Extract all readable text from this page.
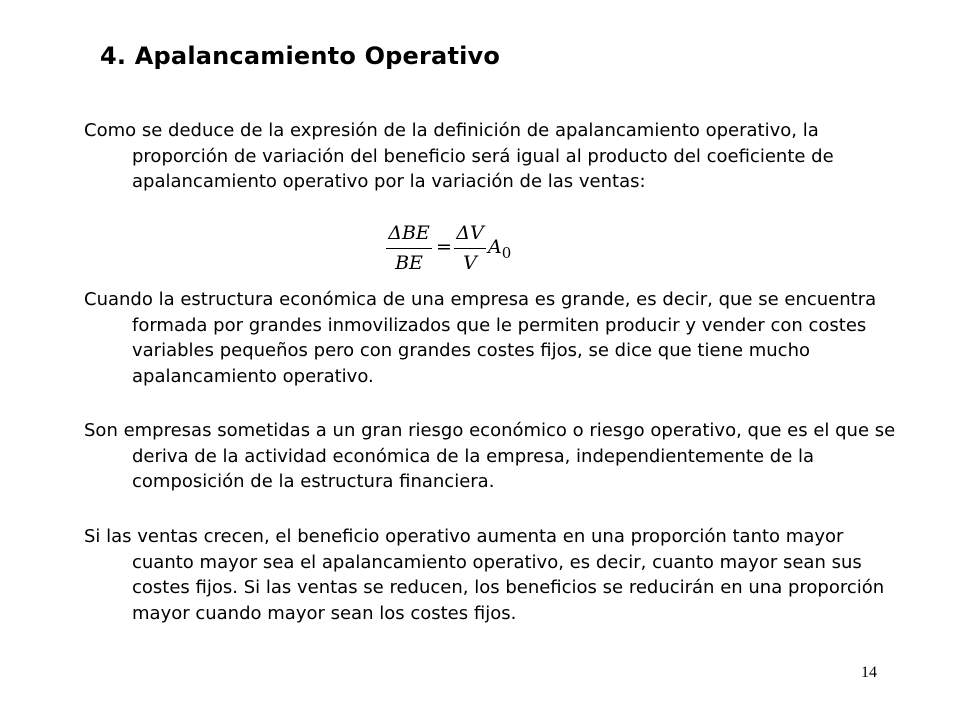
4. Apalancamiento Operativo

Como se deduce de la expresión de la definición de apalancamiento operativo, la proporción de variación del beneficio será igual al producto del coeficiente de apalancamiento operativo por la variación de las ventas:

ΔBE
BE
=
ΔV
V
$A_0$

Cuando la estructura económica de una empresa es grande, es decir, que se encuentra formada por grandes inmovilizados que le permiten producir y vender con costes variables pequeños pero con grandes costes fijos, se dice que tiene mucho apalancamiento operativo.

Son empresas sometidas a un gran riesgo económico o riesgo operativo, que es el que se deriva de la actividad económica de la empresa, independientemente de la composición de la estructura financiera.

Si las ventas crecen, el beneficio operativo aumenta en una proporción tanto mayor cuanto mayor sea el apalancamiento operativo, es decir, cuanto mayor sean sus costes fijos. Si las ventas se reducen, los beneficios se reducirán en una proporción mayor cuando mayor sean los costes fijos.

14
